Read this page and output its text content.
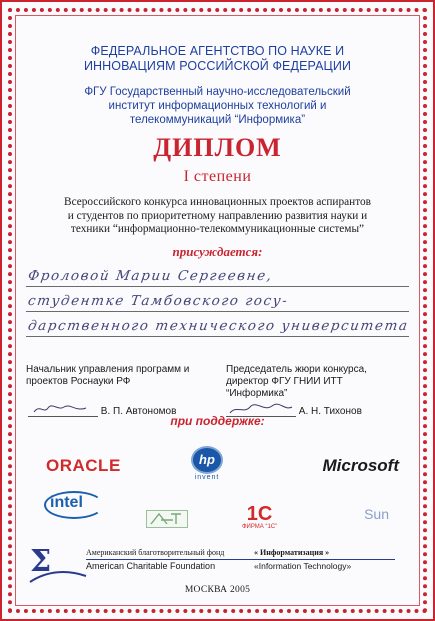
ФЕДЕРАЛЬНОЕ АГЕНТСТВО ПО НАУКЕ И
ИННОВАЦИЯМ РОССИЙСКОЙ ФЕДЕРАЦИИ
ФГУ Государственный научно-исследовательский
институт информационных технологий и
телекоммуникаций “Информика”
ДИПЛОМ
I степени
Всероссийского конкурса инновационных проектов аспирантов
и студентов по приоритетному направлению развития науки и
техники “информационно-телекоммуникационные системы”
присуждается:
Фроловой Марии Сергеевне,
студентке Тамбовского госу-
дарственного технического университета
Начальник управления программ и
проектов Роснауки РФ
Председатель жюри конкурса,
директор ФГУ ГНИИ ИТТ
“Информика”
В. П. Автономов	А. Н. Тихонов
при поддержке:
ORACLE	hp
invent
Microsoft
intel
1С
ФИРМА “1С”
Sun
Σ	Американский благотворительный фонд
American Charitable Foundation
« Информатизация »
«Information Technology»
МОСКВА 2005
